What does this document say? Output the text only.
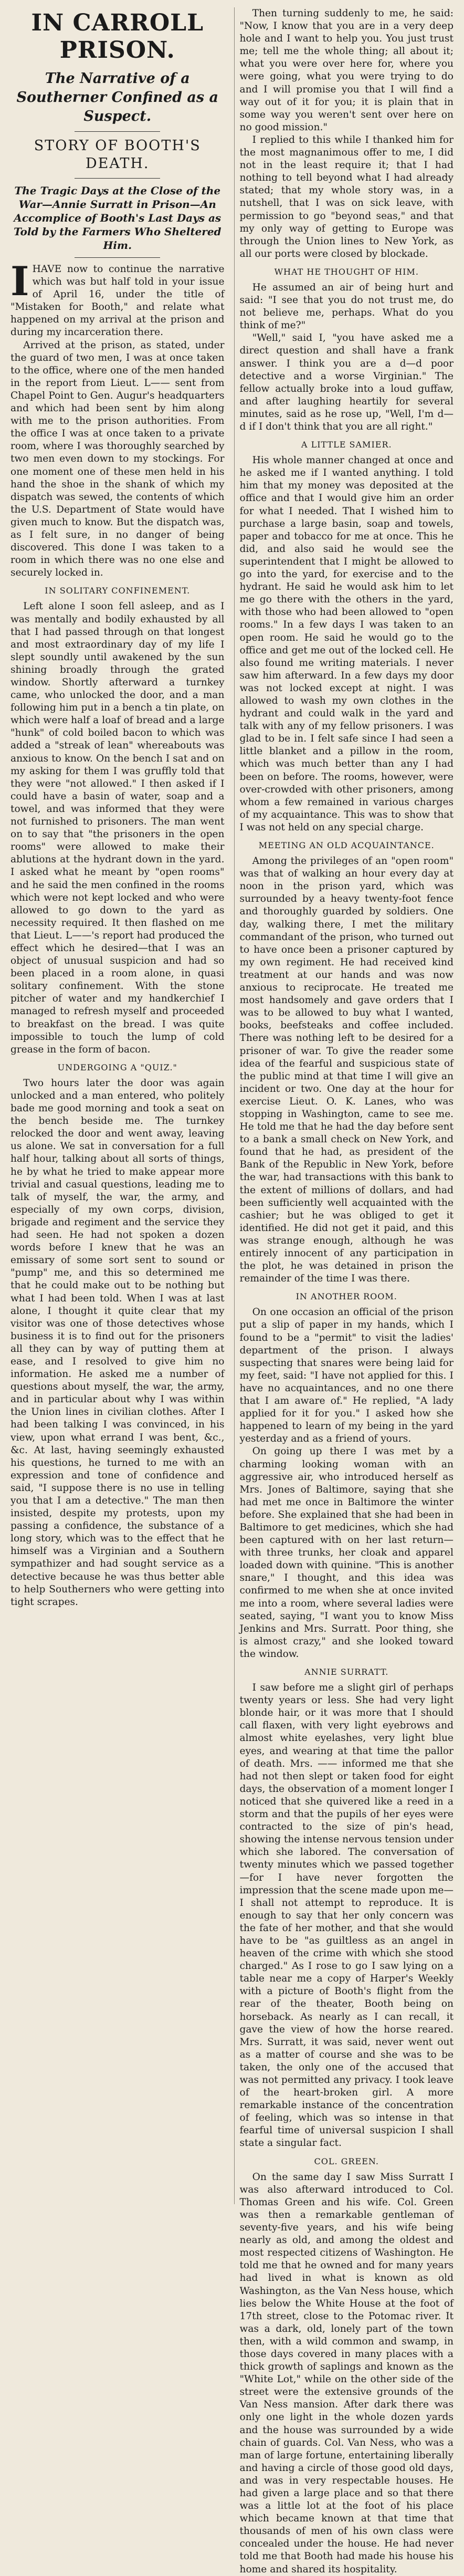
IN CARROLL PRISON.
The Narrative of a Southerner Confined as a Suspect.
STORY OF BOOTH'S DEATH.
The Tragic Days at the Close of the War—Annie Surratt in Prison—An Accomplice of Booth's Last Days as Told by the Farmers Who Sheltered Him.

IHAVE now to continue the narrative which was but half told in your issue of April 16, under the title of "Mistaken for Booth," and relate what happened on my arrival at the prison and during my incarceration there.

Arrived at the prison, as stated, under the guard of two men, I was at once taken to the office, where one of the men handed in the report from Lieut. L—— sent from Chapel Point to Gen. Augur's headquarters and which had been sent by him along with me to the prison authorities. From the office I was at once taken to a private room, where I was thoroughly searched by two men even down to my stockings. For one moment one of these men held in his hand the shoe in the shank of which my dispatch was sewed, the contents of which the U.S. Department of State would have given much to know. But the dispatch was, as I felt sure, in no danger of being discovered. This done I was taken to a room in which there was no one else and securely locked in.

IN SOLITARY CONFINEMENT.

Left alone I soon fell asleep, and as I was mentally and bodily exhausted by all that I had passed through on that longest and most extraordinary day of my life I slept soundly until awakened by the sun shining broadly through the grated window. Shortly afterward a turnkey came, who unlocked the door, and a man following him put in a bench a tin plate, on which were half a loaf of bread and a large "hunk" of cold boiled bacon to which was added a "streak of lean" whereabouts was anxious to know. On the bench I sat and on my asking for them I was gruffly told that they were "not allowed." I then asked if I could have a basin of water, soap and a towel, and was informed that they were not furnished to prisoners. The man went on to say that "the prisoners in the open rooms" were allowed to make their ablutions at the hydrant down in the yard. I asked what he meant by "open rooms" and he said the men confined in the rooms which were not kept locked and who were allowed to go down to the yard as necessity required. It then flashed on me that Lieut. L——'s report had produced the effect which he desired—that I was an object of unusual suspicion and had so been placed in a room alone, in quasi solitary confinement. With the stone pitcher of water and my handkerchief I managed to refresh myself and proceeded to breakfast on the bread. I was quite impossible to touch the lump of cold grease in the form of bacon.

UNDERGOING A "QUIZ."

Two hours later the door was again unlocked and a man entered, who politely bade me good morning and took a seat on the bench beside me. The turnkey relocked the door and went away, leaving us alone. We sat in conversation for a full half hour, talking about all sorts of things, he by what he tried to make appear more trivial and casual questions, leading me to talk of myself, the war, the army, and especially of my own corps, division, brigade and regiment and the service they had seen. He had not spoken a dozen words before I knew that he was an emissary of some sort sent to sound or "pump" me, and this so determined me that he could make out to be nothing but what I had been told. When I was at last alone, I thought it quite clear that my visitor was one of those detectives whose business it is to find out for the prisoners all they can by way of putting them at ease, and I resolved to give him no information. He asked me a number of questions about myself, the war, the army, and in particular about why I was within the Union lines in civilian clothes. After I had been talking I was convinced, in his view, upon what errand I was bent, &c., &c. At last, having seemingly exhausted his questions, he turned to me with an expression and tone of confidence and said, "I suppose there is no use in telling you that I am a detective." The man then insisted, despite my protests, upon my passing a confidence, the substance of a long story, which was to the effect that he himself was a Virginian and a Southern sympathizer and had sought service as a detective because he was thus better able to help Southerners who were getting into tight scrapes.

Then turning suddenly to me, he said: "Now, I know that you are in a very deep hole and I want to help you. You just trust me; tell me the whole thing; all about it; what you were over here for, where you were going, what you were trying to do and I will promise you that I will find a way out of it for you; it is plain that in some way you weren't sent over here on no good mission."

I replied to this while I thanked him for the most magnanimous offer to me, I did not in the least require it; that I had nothing to tell beyond what I had already stated; that my whole story was, in a nutshell, that I was on sick leave, with permission to go "beyond seas," and that my only way of getting to Europe was through the Union lines to New York, as all our ports were closed by blockade.

WHAT HE THOUGHT OF HIM.

He assumed an air of being hurt and said: "I see that you do not trust me, do not believe me, perhaps. What do you think of me?"

"Well," said I, "you have asked me a direct question and shall have a frank answer. I think you are a d—d poor detective and a worse Virginian." The fellow actually broke into a loud guffaw, and after laughing heartily for several minutes, said as he rose up, "Well, I'm d—d if I don't think that you are all right."

A LITTLE SAMIER.

His whole manner changed at once and he asked me if I wanted anything. I told him that my money was deposited at the office and that I would give him an order for what I needed. That I wished him to purchase a large basin, soap and towels, paper and tobacco for me at once. This he did, and also said he would see the superintendent that I might be allowed to go into the yard, for exercise and to the hydrant. He said he would ask him to let me go there with the others in the yard, with those who had been allowed to "open rooms." In a few days I was taken to an open room. He said he would go to the office and get me out of the locked cell. He also found me writing materials. I never saw him afterward. In a few days my door was not locked except at night. I was allowed to wash my own clothes in the hydrant and could walk in the yard and talk with any of my fellow prisoners. I was glad to be in. I felt safe since I had seen a little blanket and a pillow in the room, which was much better than any I had been on before. The rooms, however, were over-crowded with other prisoners, among whom a few remained in various charges of my acquaintance. This was to show that I was not held on any special charge.

MEETING AN OLD ACQUAINTANCE.

Among the privileges of an "open room" was that of walking an hour every day at noon in the prison yard, which was surrounded by a heavy twenty-foot fence and thoroughly guarded by soldiers. One day, walking there, I met the military commandant of the prison, who turned out to have once been a prisoner captured by my own regiment. He had received kind treatment at our hands and was now anxious to reciprocate. He treated me most handsomely and gave orders that I was to be allowed to buy what I wanted, books, beefsteaks and coffee included. There was nothing left to be desired for a prisoner of war. To give the reader some idea of the fearful and suspicious state of the public mind at that time I will give an incident or two. One day at the hour for exercise Lieut. O. K. Lanes, who was stopping in Washington, came to see me. He told me that he had the day before sent to a bank a small check on New York, and found that he had, as president of the Bank of the Republic in New York, before the war, had transactions with this bank to the extent of millions of dollars, and had been sufficiently well acquainted with the cashier; but he was obliged to get it identified. He did not get it paid, and this was strange enough, although he was entirely innocent of any participation in the plot, he was detained in prison the remainder of the time I was there.

IN ANOTHER ROOM.

On one occasion an official of the prison put a slip of paper in my hands, which I found to be a "permit" to visit the ladies' department of the prison. I always suspecting that snares were being laid for my feet, said: "I have not applied for this. I have no acquaintances, and no one there that I am aware of." He replied, "A lady applied for it for you." I asked how she happened to learn of my being in the yard yesterday and as a friend of yours.

On going up there I was met by a charming looking woman with an aggressive air, who introduced herself as Mrs. Jones of Baltimore, saying that she had met me once in Baltimore the winter before. She explained that she had been in Baltimore to get medicines, which she had been captured with on her last return—with three trunks, her cloak and apparel loaded down with quinine. "This is another snare," I thought, and this idea was confirmed to me when she at once invited me into a room, where several ladies were seated, saying, "I want you to know Miss Jenkins and Mrs. Surratt. Poor thing, she is almost crazy," and she looked toward the window.

ANNIE SURRATT.

I saw before me a slight girl of perhaps twenty years or less. She had very light blonde hair, or it was more that I should call flaxen, with very light eyebrows and almost white eyelashes, very light blue eyes, and wearing at that time the pallor of death. Mrs. —— informed me that she had not then slept or taken food for eight days, the observation of a moment longer I noticed that she quivered like a reed in a storm and that the pupils of her eyes were contracted to the size of pin's head, showing the intense nervous tension under which she labored. The conversation of twenty minutes which we passed together—for I have never forgotten the impression that the scene made upon me—I shall not attempt to reproduce. It is enough to say that her only concern was the fate of her mother, and that she would have to be "as guiltless as an angel in heaven of the crime with which she stood charged." As I rose to go I saw lying on a table near me a copy of Harper's Weekly with a picture of Booth's flight from the rear of the theater, Booth being on horseback. As nearly as I can recall, it gave the view of how the horse reared. Mrs. Surratt, it was said, never went out as a matter of course and she was to be taken, the only one of the accused that was not permitted any privacy. I took leave of the heart-broken girl. A more remarkable instance of the concentration of feeling, which was so intense in that fearful time of universal suspicion I shall state a singular fact.

COL. GREEN.

On the same day I saw Miss Surratt I was also afterward introduced to Col. Thomas Green and his wife. Col. Green was then a remarkable gentleman of seventy-five years, and his wife being nearly as old, and among the oldest and most respected citizens of Washington. He told me that he owned and for many years had lived in what is known as old Washington, as the Van Ness house, which lies below the White House at the foot of 17th street, close to the Potomac river. It was a dark, old, lonely part of the town then, with a wild common and swamp, in those days covered in many places with a thick growth of saplings and known as the "White Lot," while on the other side of the street were the extensive grounds of the Van Ness mansion. After dark there was only one light in the whole dozen yards and the house was surrounded by a wide chain of guards. Col. Van Ness, who was a man of large fortune, entertaining liberally and having a circle of those good old days, and was in very respectable houses. He had given a large place and so that there was a little lot at the foot of his place which became known at that time that thousands of men of his own class were concealed under the house. He had never told me that Booth had made his house his home and shared its hospitality.
